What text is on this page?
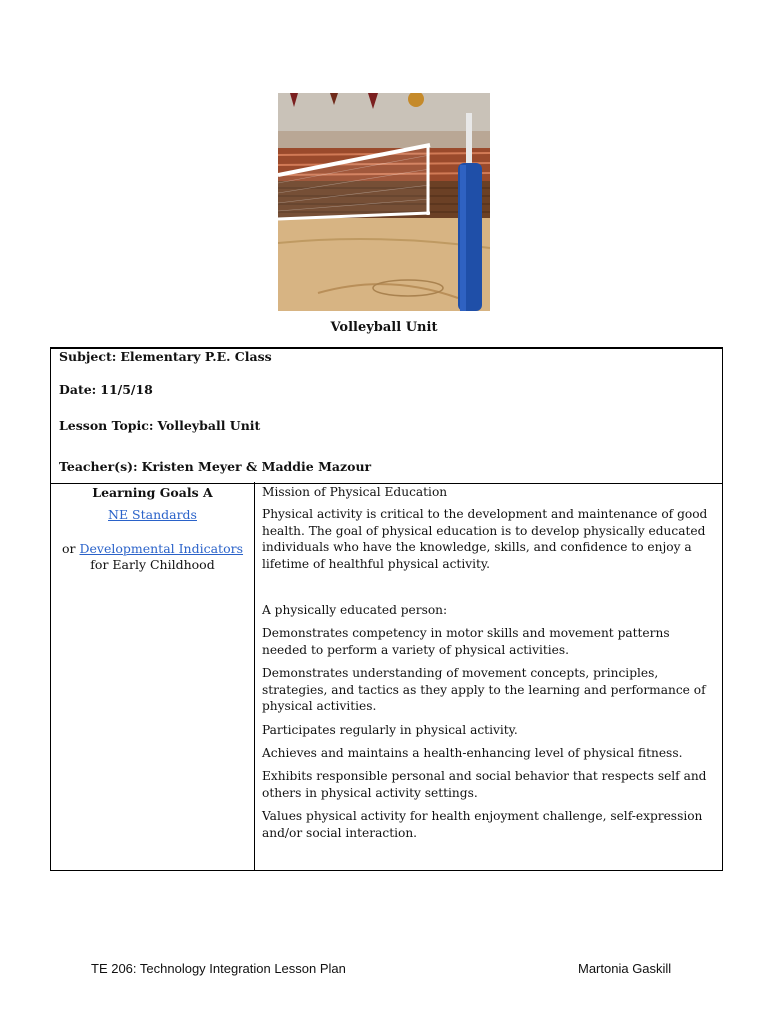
Volleyball Unit
Subject: Elementary P.E. Class
Date: 11/5/18
Lesson Topic: Volleyball Unit
Teacher(s): Kristen Meyer & Maddie Mazour
Learning Goals A
NE Standards
or Developmental Indicators
for Early Childhood

Mission of Physical Education

Physical activity is critical to the development and maintenance of good health. The goal of physical education is to develop physically educated individuals who have the knowledge, skills, and confidence to enjoy a lifetime of healthful physical activity.

A physically educated person:

Demonstrates competency in motor skills and movement patterns needed to perform a variety of physical activities.

Demonstrates understanding of movement concepts, principles, strategies, and tactics as they apply to the learning and performance of physical activities.

Participates regularly in physical activity.

Achieves and maintains a health-enhancing level of physical fitness.

Exhibits responsible personal and social behavior that respects self and others in physical activity settings.

Values physical activity for health enjoyment challenge, self-expression and/or social interaction.

TE 206: Technology Integration Lesson Plan	Martonia Gaskill
